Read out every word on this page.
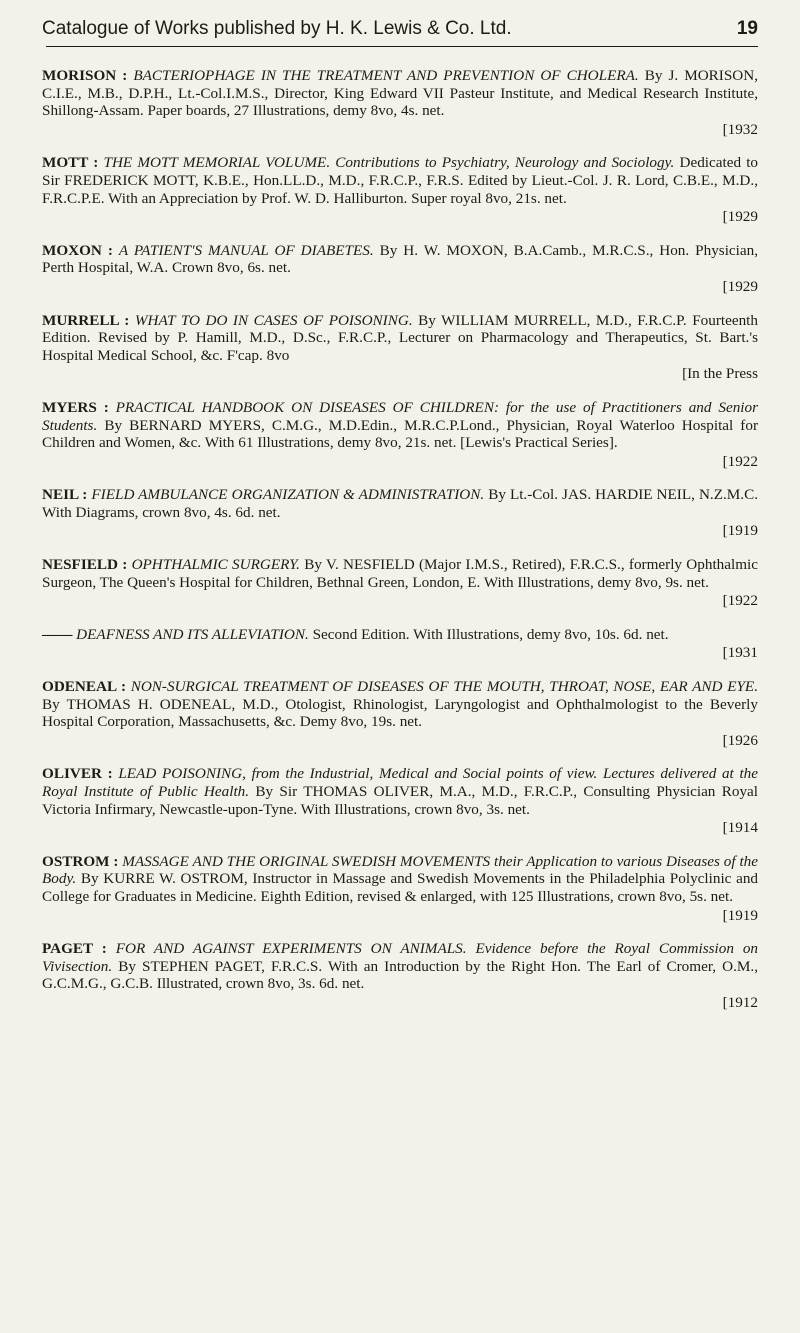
Catalogue of Works published by H. K. Lewis & Co. Ltd.	19
MORISON : BACTERIOPHAGE IN THE TREATMENT AND PREVENTION OF CHOLERA. By J. MORISON, C.I.E., M.B., D.P.H., Lt.-Col.I.M.S., Director, King Edward VII Pasteur Institute, and Medical Research Institute, Shillong-Assam. Paper boards, 27 Illustrations, demy 8vo, 4s. net.
[1932
MOTT : THE MOTT MEMORIAL VOLUME. Contributions to Psychiatry, Neurology and Sociology. Dedicated to Sir FREDERICK MOTT, K.B.E., Hon.LL.D., M.D., F.R.C.P., F.R.S. Edited by Lieut.-Col. J. R. Lord, C.B.E., M.D., F.R.C.P.E. With an Appreciation by Prof. W. D. Halliburton. Super royal 8vo, 21s. net.
[1929
MOXON : A PATIENT'S MANUAL OF DIABETES. By H. W. MOXON, B.A.Camb., M.R.C.S., Hon. Physician, Perth Hospital, W.A. Crown 8vo, 6s. net.
[1929
MURRELL : WHAT TO DO IN CASES OF POISONING. By WILLIAM MURRELL, M.D., F.R.C.P. Fourteenth Edition. Revised by P. Hamill, M.D., D.Sc., F.R.C.P., Lecturer on Pharmacology and Therapeutics, St. Bart.'s Hospital Medical School, &c. F'cap. 8vo
[In the Press
MYERS : PRACTICAL HANDBOOK ON DISEASES OF CHILDREN: for the use of Practitioners and Senior Students. By BERNARD MYERS, C.M.G., M.D.Edin., M.R.C.P.Lond., Physician, Royal Waterloo Hospital for Children and Women, &c. With 61 Illustrations, demy 8vo, 21s. net. [Lewis's Practical Series].
[1922
NEIL : FIELD AMBULANCE ORGANIZATION & ADMINISTRATION. By Lt.-Col. JAS. HARDIE NEIL, N.Z.M.C. With Diagrams, crown 8vo, 4s. 6d. net.
[1919
NESFIELD : OPHTHALMIC SURGERY. By V. NESFIELD (Major I.M.S., Retired), F.R.C.S., formerly Ophthalmic Surgeon, The Queen's Hospital for Children, Bethnal Green, London, E. With Illustrations, demy 8vo, 9s. net.
[1922
—— DEAFNESS AND ITS ALLEVIATION. Second Edition. With Illustrations, demy 8vo, 10s. 6d. net.
[1931
ODENEAL : NON-SURGICAL TREATMENT OF DISEASES OF THE MOUTH, THROAT, NOSE, EAR AND EYE. By THOMAS H. ODENEAL, M.D., Otologist, Rhinologist, Laryngologist and Ophthalmologist to the Beverly Hospital Corporation, Massachusetts, &c. Demy 8vo, 19s. net.
[1926
OLIVER : LEAD POISONING, from the Industrial, Medical and Social points of view. Lectures delivered at the Royal Institute of Public Health. By Sir THOMAS OLIVER, M.A., M.D., F.R.C.P., Consulting Physician Royal Victoria Infirmary, Newcastle-upon-Tyne. With Illustrations, crown 8vo, 3s. net.
[1914
OSTROM : MASSAGE AND THE ORIGINAL SWEDISH MOVEMENTS their Application to various Diseases of the Body. By KURRE W. OSTROM, Instructor in Massage and Swedish Movements in the Philadelphia Polyclinic and College for Graduates in Medicine. Eighth Edition, revised & enlarged, with 125 Illustrations, crown 8vo, 5s. net.
[1919
PAGET : FOR AND AGAINST EXPERIMENTS ON ANIMALS. Evidence before the Royal Commission on Vivisection. By STEPHEN PAGET, F.R.C.S. With an Introduction by the Right Hon. The Earl of Cromer, O.M., G.C.M.G., G.C.B. Illustrated, crown 8vo, 3s. 6d. net.
[1912
